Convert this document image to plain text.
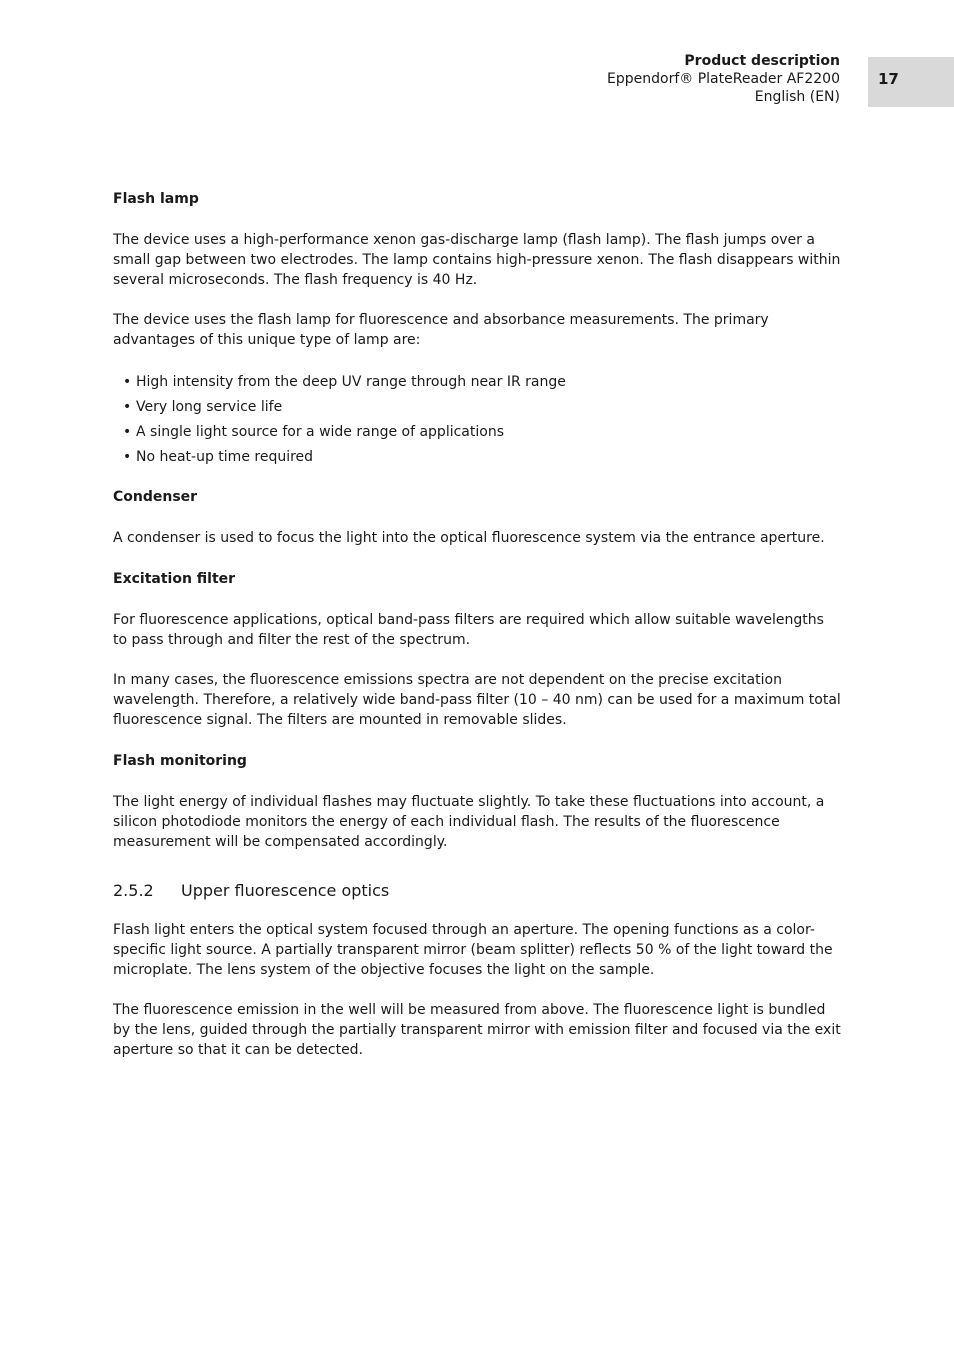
Product description
Eppendorf® PlateReader AF2200
English (EN)
17
Flash lamp

The device uses a high-performance xenon gas-discharge lamp (flash lamp). The flash jumps over a small gap between two electrodes. The lamp contains high-pressure xenon. The flash disappears within several microseconds. The flash frequency is 40 Hz.

The device uses the flash lamp for fluorescence and absorbance measurements. The primary advantages of this unique type of lamp are:

• High intensity from the deep UV range through near IR range
• Very long service life
• A single light source for a wide range of applications
• No heat-up time required
Condenser

A condenser is used to focus the light into the optical fluorescence system via the entrance aperture.

Excitation filter

For fluorescence applications, optical band-pass filters are required which allow suitable wavelengths to pass through and filter the rest of the spectrum.

In many cases, the fluorescence emissions spectra are not dependent on the precise excitation wavelength. Therefore, a relatively wide band-pass filter (10 – 40 nm) can be used for a maximum total fluorescence signal. The filters are mounted in removable slides.

Flash monitoring

The light energy of individual flashes may fluctuate slightly. To take these fluctuations into account, a silicon photodiode monitors the energy of each individual flash. The results of the fluorescence measurement will be compensated accordingly.

2.5.2 Upper fluorescence optics

Flash light enters the optical system focused through an aperture. The opening functions as a color-specific light source. A partially transparent mirror (beam splitter) reflects 50 % of the light toward the microplate. The lens system of the objective focuses the light on the sample.

The fluorescence emission in the well will be measured from above. The fluorescence light is bundled by the lens, guided through the partially transparent mirror with emission filter and focused via the exit aperture so that it can be detected.
